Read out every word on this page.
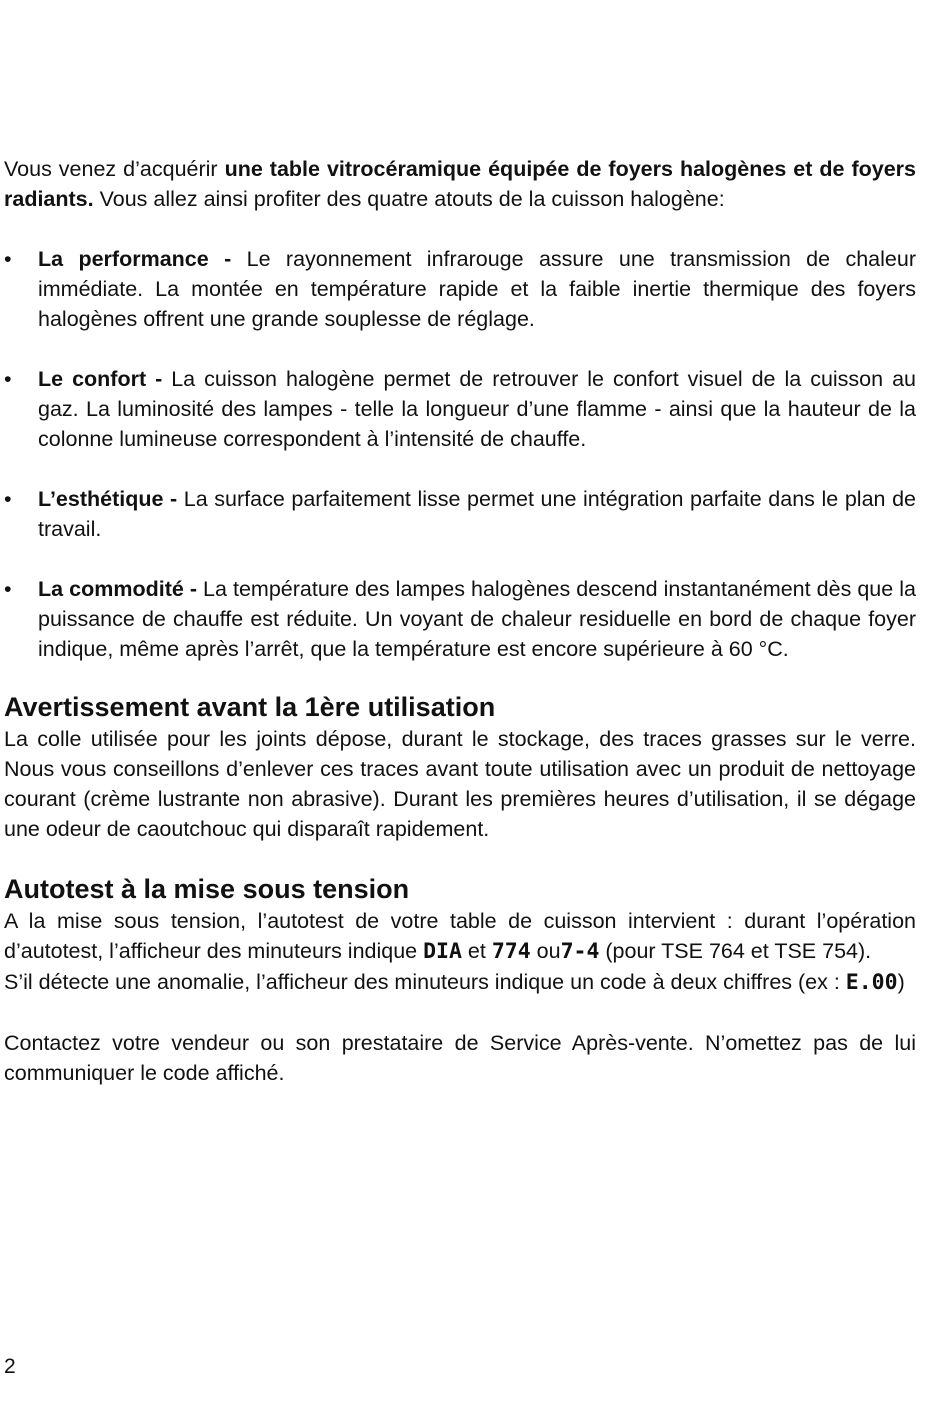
Vous venez d’acquérir une table vitrocéramique équipée de foyers halogènes et de foyers radiants. Vous allez ainsi profiter des quatre atouts de la cuisson halogène:

• La performance - Le rayonnement infrarouge assure une transmission de chaleur immédiate. La montée en température rapide et la faible inertie thermique des foyers halogènes offrent une grande souplesse de réglage.
• Le confort - La cuisson halogène permet de retrouver le confort visuel de la cuisson au gaz. La luminosité des lampes - telle la longueur d’une flamme - ainsi que la hauteur de la colonne lumineuse correspondent à l’intensité de chauffe.
• L’esthétique - La surface parfaitement lisse permet une intégration parfaite dans le plan de travail.
• La commodité - La température des lampes halogènes descend instantanément dès que la puissance de chauffe est réduite. Un voyant de chaleur residuelle en bord de chaque foyer indique, même après l’arrêt, que la température est encore supérieure à 60 °C.
Avertissement avant la 1ère utilisation

La colle utilisée pour les joints dépose, durant le stockage, des traces grasses sur le verre. Nous vous conseillons d’enlever ces traces avant toute utilisation avec un produit de nettoyage courant (crème lustrante non abrasive). Durant les premières heures d’utilisation, il se dégage une odeur de caoutchouc qui disparaît rapidement.

Autotest à la mise sous tension

A la mise sous tension, l’autotest de votre table de cuisson intervient : durant l’opération d’autotest, l’afficheur des minuteurs indique DIA et 774 ou7-4 (pour TSE 764 et TSE 754).

S’il détecte une anomalie, l’afficheur des minuteurs indique un code à deux chiffres (ex : E.00)

Contactez votre vendeur ou son prestataire de Service Après-vente. N’omettez pas de lui communiquer le code affiché.

2
